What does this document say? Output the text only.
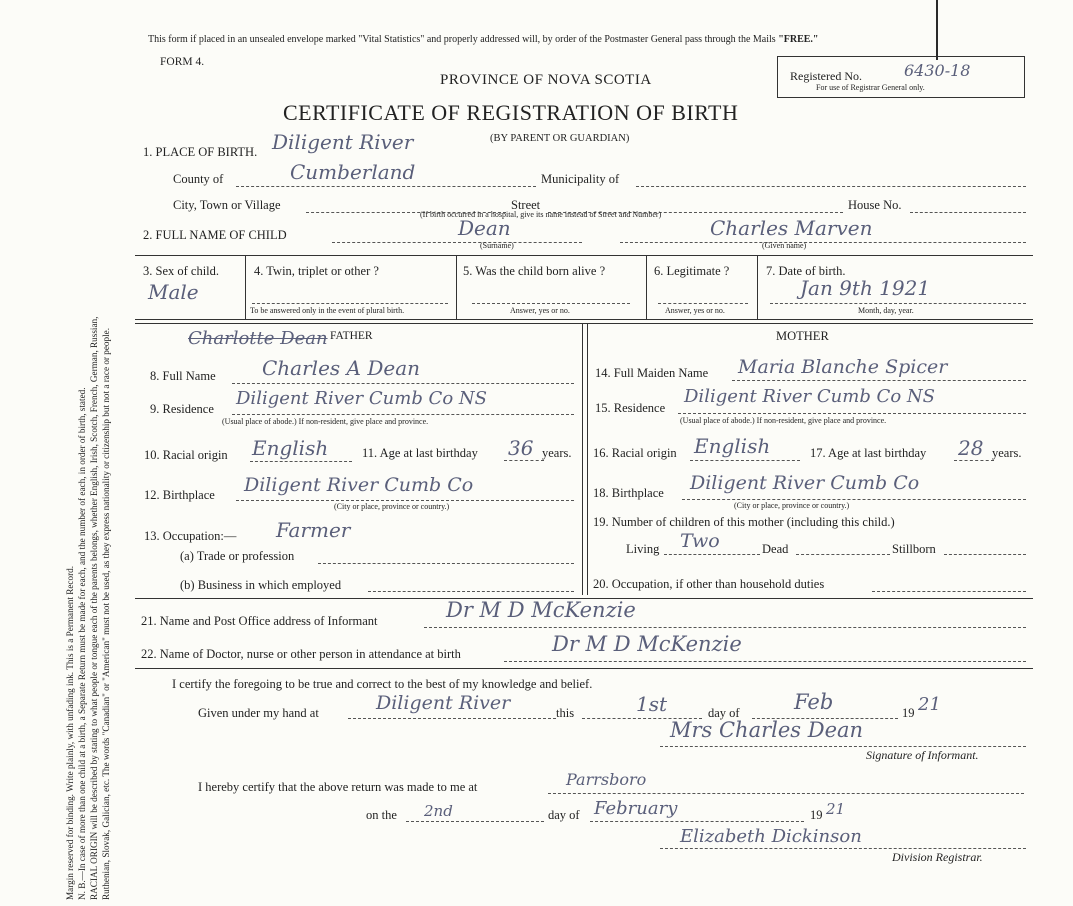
Margin reserved for binding. Write plainly, with unfading ink. This is a Permanent Record. N. B.—In case of more than one child at a birth, a Separate Return must be made for each, and the number of each, in order of birth, stated. RACIAL ORIGIN will be described by stating to what people or tongue each of the parents belongs, whether English, Irish, Scotch, French, German, Russian, Ruthenian, Slovak, Galician, etc. The words "Canadian" or "American" must not be used, as they express nationality or citizenship but not a race or people.
This form if placed in an unsealed envelope marked "Vital Statistics" and properly addressed will, by order of the Postmaster General pass through the Mails "FREE."
FORM 4.
PROVINCE OF NOVA SCOTIA
CERTIFICATE OF REGISTRATION OF BIRTH
Registered No.
For use of Registrar General only.
6430-18
1. PLACE OF BIRTH. Diligent River	(BY PARENT OR GUARDIAN)
County of	Cumberland	Municipality of
City, Town or Village	Street	House No.
(If birth occurred in a hospital, give its name instead of Street and Number)
2. FULL NAME OF CHILD	Dean
(Surname)
Charles Marven
(Given name)
3. Sex of child.
Male
4. Twin, triplet or other ?
To be answered only in the event of plural birth.
5. Was the child born alive ?
Answer, yes or no.
6. Legitimate ?
Answer, yes or no.
7. Date of birth.
Jan 9th 1921
Month, day, year.
FATHER
Charlotte Dean	MOTHER
8. Full Name Charles A Dean
9. Residence Diligent River Cumb Co NS
(Usual place of abode.) If non-resident, give place and province.
10. Racial origin English	11. Age at last birthday 36 years.
12. Birthplace Diligent River Cumb Co
(City or place, province or country.)
13. Occupation:— Farmer
(a) Trade or profession
(b) Business in which employed
14. Full Maiden Name Maria Blanche Spicer
15. Residence
Diligent River Cumb Co NS
(Usual place of abode.) If non-resident, give place and province.
16. Racial origin English	17. Age at last birthday 28 years.
18. Birthplace Diligent River Cumb Co
(City or place, province or country.)
19. Number of children of this mother (including this child.)
Living Two	Dead	Stillborn
20. Occupation, if other than household duties
21. Name and Post Office address of Informant	Dr M D McKenzie
22. Name of Doctor, nurse or other person in attendance at birth	Dr M D McKenzie
I certify the foregoing to be true and correct to the best of my knowledge and belief.
Given under my hand at	Diligent River	this	1st	day of	Feb	19 21
Mrs Charles Dean
Signature of Informant.
I hereby certify that the above return was made to me at	Parrsboro
on the 2nd	day of February	19 21
Elizabeth Dickinson
Division Registrar.
